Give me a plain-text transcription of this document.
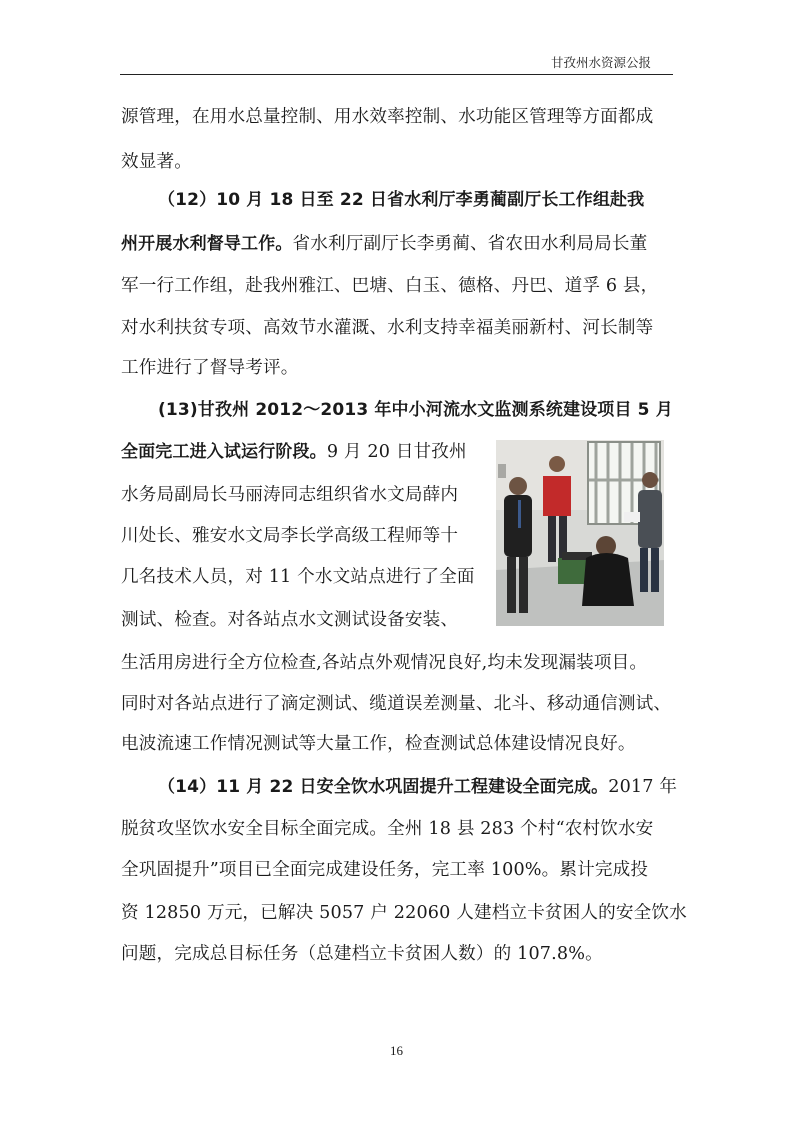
甘孜州水资源公报
源管理，在用水总量控制、用水效率控制、水功能区管理等方面都成
效显著。
（12）10 月 18 日至 22 日省水利厅李勇蔺副厅长工作组赴我
州开展水利督导工作。省水利厅副厅长李勇蔺、省农田水利局局长董
军一行工作组，赴我州雅江、巴塘、白玉、德格、丹巴、道孚 6 县，
对水利扶贫专项、高效节水灌溉、水利支持幸福美丽新村、河长制等
工作进行了督导考评。
(13)甘孜州 2012～2013 年中小河流水文监测系统建设项目 5 月
全面完工进入试运行阶段。9 月 20 日甘孜州
水务局副局长马丽涛同志组织省水文局薛内
川处长、雅安水文局李长学高级工程师等十
几名技术人员，对 11 个水文站点进行了全面
测试、检查。对各站点水文测试设备安装、
生活用房进行全方位检查,各站点外观情况良好,均未发现漏装项目。
同时对各站点进行了滴定测试、缆道误差测量、北斗、移动通信测试、
电波流速工作情况测试等大量工作，检查测试总体建设情况良好。
（14）11 月 22 日安全饮水巩固提升工程建设全面完成。2017 年
脱贫攻坚饮水安全目标全面完成。全州 18 县 283 个村“农村饮水安
全巩固提升”项目已全面完成建设任务，完工率 100%。累计完成投
资 12850 万元，已解决 5057 户 22060 人建档立卡贫困人的安全饮水
问题，完成总目标任务（总建档立卡贫困人数）的 107.8%。
16
